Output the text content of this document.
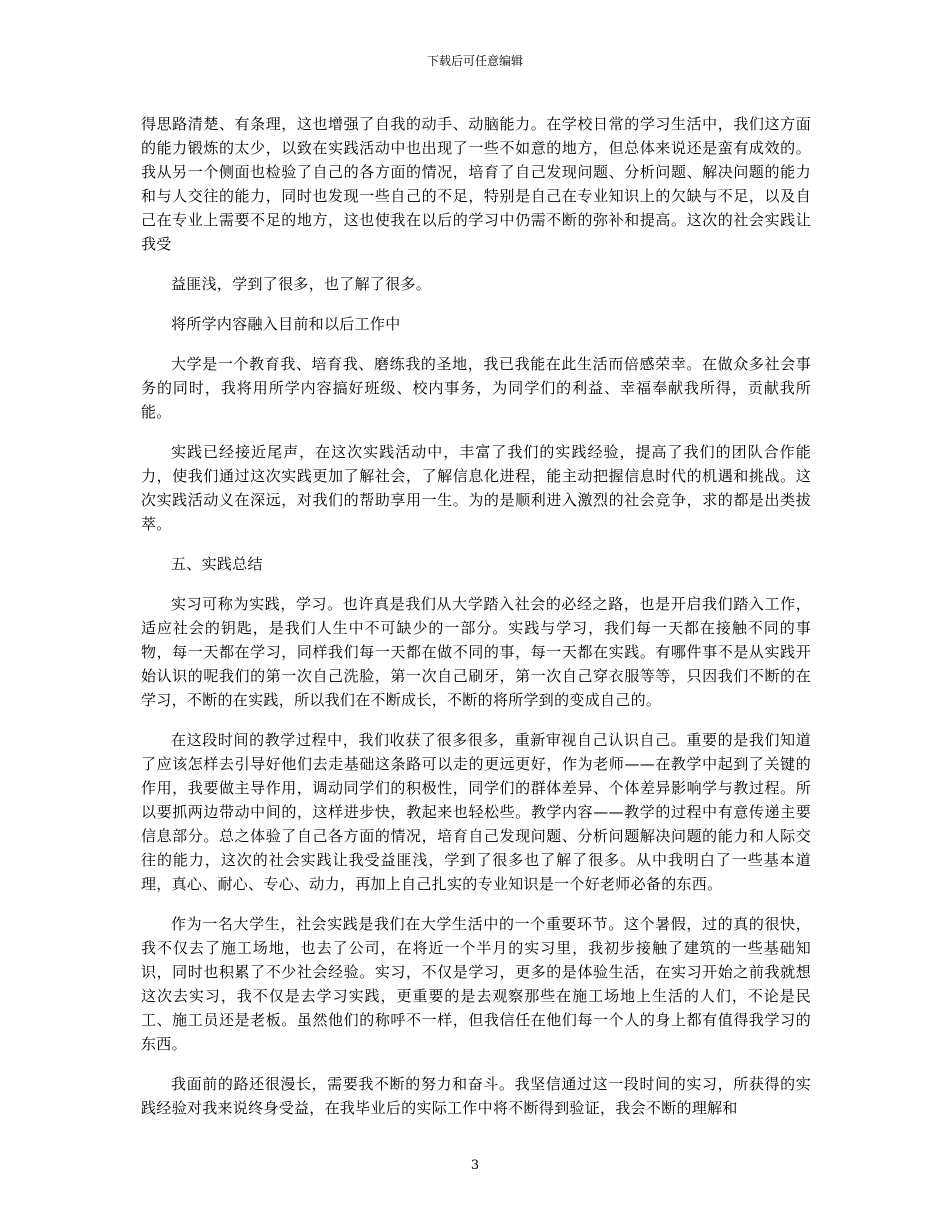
下载后可任意编辑

得思路清楚、有条理，这也增强了自我的动手、动脑能力。在学校日常的学习生活中，我们这方面的能力锻炼的太少，以致在实践活动中也出现了一些不如意的地方，但总体来说还是蛮有成效的。我从另一个侧面也检验了自己的各方面的情况，培育了自己发现问题、分析问题、解决问题的能力和与人交往的能力，同时也发现一些自己的不足，特别是自己在专业知识上的欠缺与不足，以及自己在专业上需要不足的地方，这也使我在以后的学习中仍需不断的弥补和提高。这次的社会实践让我受

益匪浅，学到了很多，也了解了很多。

将所学内容融入目前和以后工作中

大学是一个教育我、培育我、磨练我的圣地，我已我能在此生活而倍感荣幸。在做众多社会事务的同时，我将用所学内容搞好班级、校内事务，为同学们的利益、幸福奉献我所得，贡献我所能。

实践已经接近尾声，在这次实践活动中，丰富了我们的实践经验，提高了我们的团队合作能力，使我们通过这次实践更加了解社会，了解信息化进程，能主动把握信息时代的机遇和挑战。这次实践活动义在深远，对我们的帮助享用一生。为的是顺利进入激烈的社会竞争，求的都是出类拔萃。

五、实践总结

实习可称为实践，学习。也许真是我们从大学踏入社会的必经之路，也是开启我们踏入工作，适应社会的钥匙，是我们人生中不可缺少的一部分。实践与学习，我们每一天都在接触不同的事物，每一天都在学习，同样我们每一天都在做不同的事，每一天都在实践。有哪件事不是从实践开始认识的呢我们的第一次自己洗脸，第一次自己刷牙，第一次自己穿衣服等等，只因我们不断的在学习，不断的在实践，所以我们在不断成长，不断的将所学到的变成自己的。

在这段时间的教学过程中，我们收获了很多很多，重新审视自己认识自己。重要的是我们知道了应该怎样去引导好他们去走基础这条路可以走的更远更好，作为老师——在教学中起到了关键的作用，我要做主导作用，调动同学们的积极性，同学们的群体差异、个体差异影响学与教过程。所以要抓两边带动中间的，这样进步快，教起来也轻松些。教学内容——教学的过程中有意传递主要信息部分。总之体验了自己各方面的情况，培育自己发现问题、分析问题解决问题的能力和人际交往的能力，这次的社会实践让我受益匪浅，学到了很多也了解了很多。从中我明白了一些基本道理，真心、耐心、专心、动力，再加上自己扎实的专业知识是一个好老师必备的东西。

作为一名大学生，社会实践是我们在大学生活中的一个重要环节。这个暑假，过的真的很快，我不仅去了施工场地，也去了公司，在将近一个半月的实习里，我初步接触了建筑的一些基础知识，同时也积累了不少社会经验。实习，不仅是学习，更多的是体验生活，在实习开始之前我就想这次去实习，我不仅是去学习实践，更重要的是去观察那些在施工场地上生活的人们，不论是民工、施工员还是老板。虽然他们的称呼不一样，但我信任在他们每一个人的身上都有值得我学习的东西。

我面前的路还很漫长，需要我不断的努力和奋斗。我坚信通过这一段时间的实习，所获得的实践经验对我来说终身受益，在我毕业后的实际工作中将不断得到验证，我会不断的理解和

3
